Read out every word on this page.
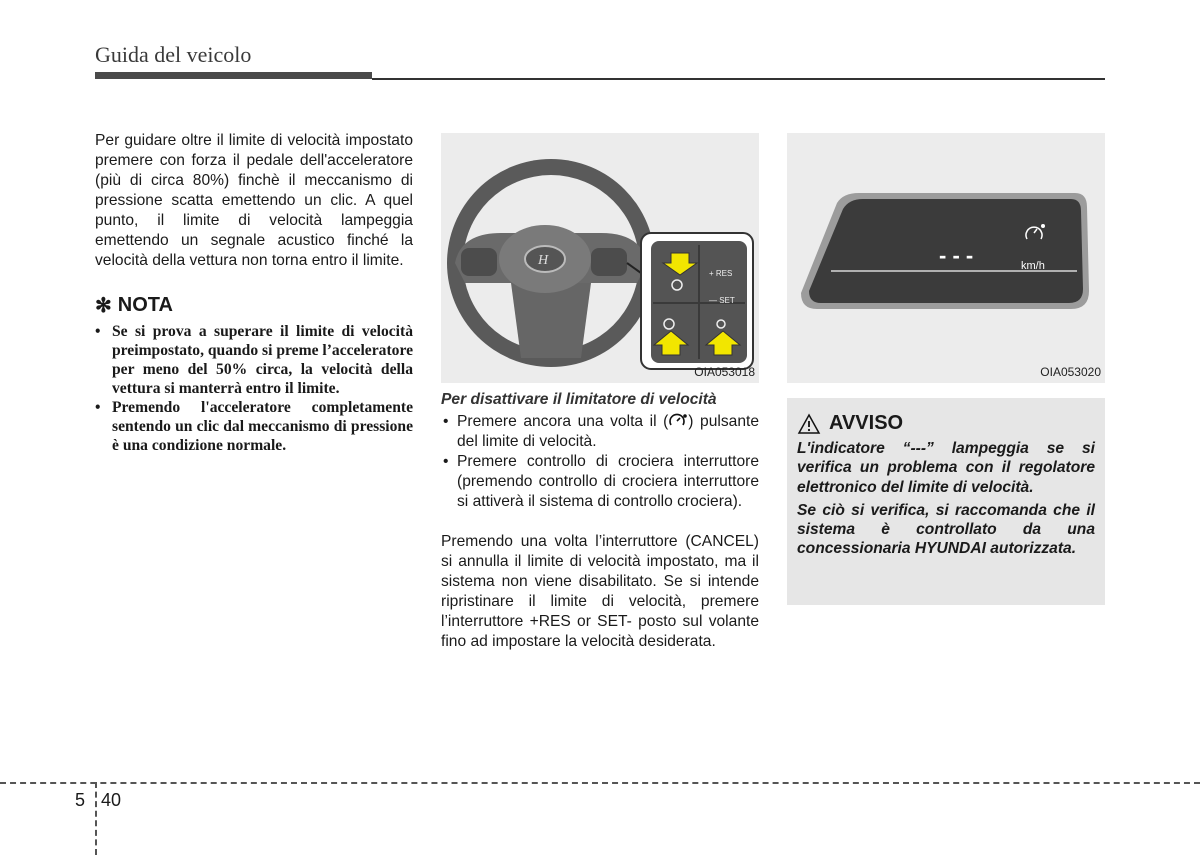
Guida del veicolo

Per guidare oltre il limite di velocità impostato premere con forza il pedale dell'acceleratore (più di circa 80%) finchè il meccanismo di pressione scatta emettendo un clic. A quel punto, il limite di velocità lampeggia emettendo un segnale acustico finché la velocità della vettura non torna entro il limite.

✻ NOTA
• Se si prova a superare il limite di velocità preimpostato, quando si preme l’acceleratore per meno del 50% circa, la velocità della vettura si manterrà entro il limite.
• Premendo l'acceleratore completamente sentendo un clic dal meccanismo di pressione è una condizione normale.
H
+ RES
— SET
OIA053018
- - -	km/h
OIA053020
Per disattivare il limitatore di velocità
• Premere ancora una volta il ( ) pulsante del limite di velocità.
• Premere controllo di crociera interruttore (premendo controllo di crociera interruttore si attiverà il sistema di controllo crociera).

Premendo una volta l’interruttore (CANCEL) si annulla il limite di velocità impostato, ma il sistema non viene disabilitato. Se si intende ripristinare il limite di velocità, premere l’interruttore +RES or SET- posto sul volante fino ad impostare la velocità desiderata.

AVVISO

L'indicatore “---” lampeggia se si verifica un problema con il regolatore elettronico del limite di velocità.

Se ciò si verifica, si raccomanda che il sistema è controllato da una concessionaria HYUNDAI autorizzata.

5 40
